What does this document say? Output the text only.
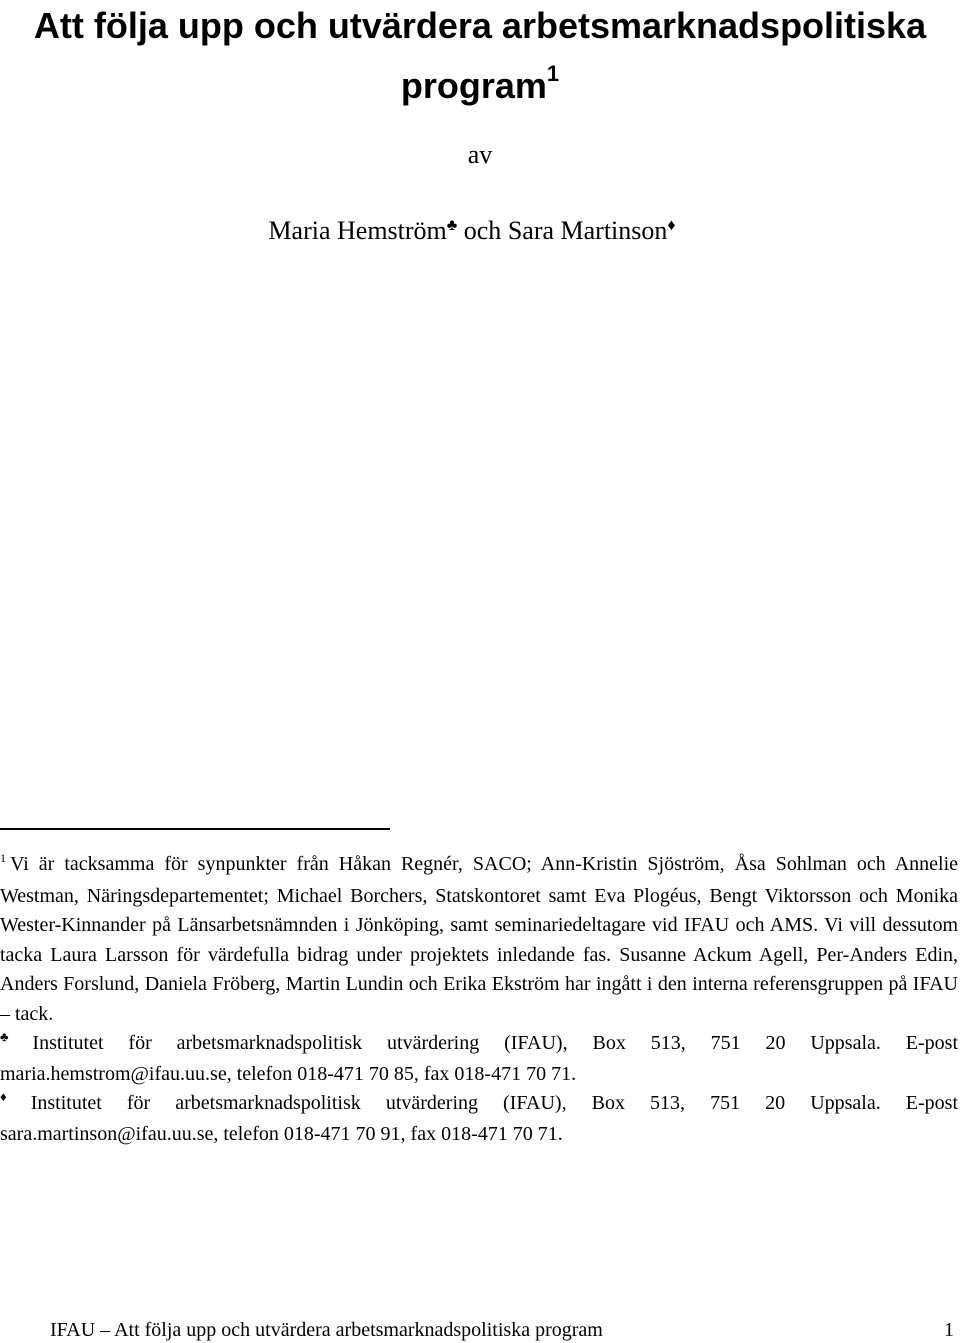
Att följa upp och utvärdera arbetsmarknadspolitiska
program$^1$
av
Maria Hemström♣ och Sara Martinson♦

$^1$ Vi är tacksamma för synpunkter från Håkan Regnér, SACO; Ann-Kristin Sjöström, Åsa Sohlman och Annelie Westman, Näringsdepartementet; Michael Borchers, Statskontoret samt Eva Plogéus, Bengt Viktorsson och Monika Wester-Kinnander på Länsarbetsnämnden i Jönköping, samt seminariedeltagare vid IFAU och AMS. Vi vill dessutom tacka Laura Larsson för värdefulla bidrag under projektets inledande fas. Susanne Ackum Agell, Per-Anders Edin, Anders Forslund, Daniela Fröberg, Martin Lundin och Erika Ekström har ingått i den interna referensgruppen på IFAU – tack.

♣ Institutet för arbetsmarknadspolitisk utvärdering (IFAU), Box 513, 751 20 Uppsala. E-post maria.hemstrom@ifau.uu.se, telefon 018-471 70 85, fax 018-471 70 71.

♦ Institutet för arbetsmarknadspolitisk utvärdering (IFAU), Box 513, 751 20 Uppsala. E-post sara.martinson@ifau.uu.se, telefon 018-471 70 91, fax 018-471 70 71.

IFAU – Att följa upp och utvärdera arbetsmarknadspolitiska program	1
